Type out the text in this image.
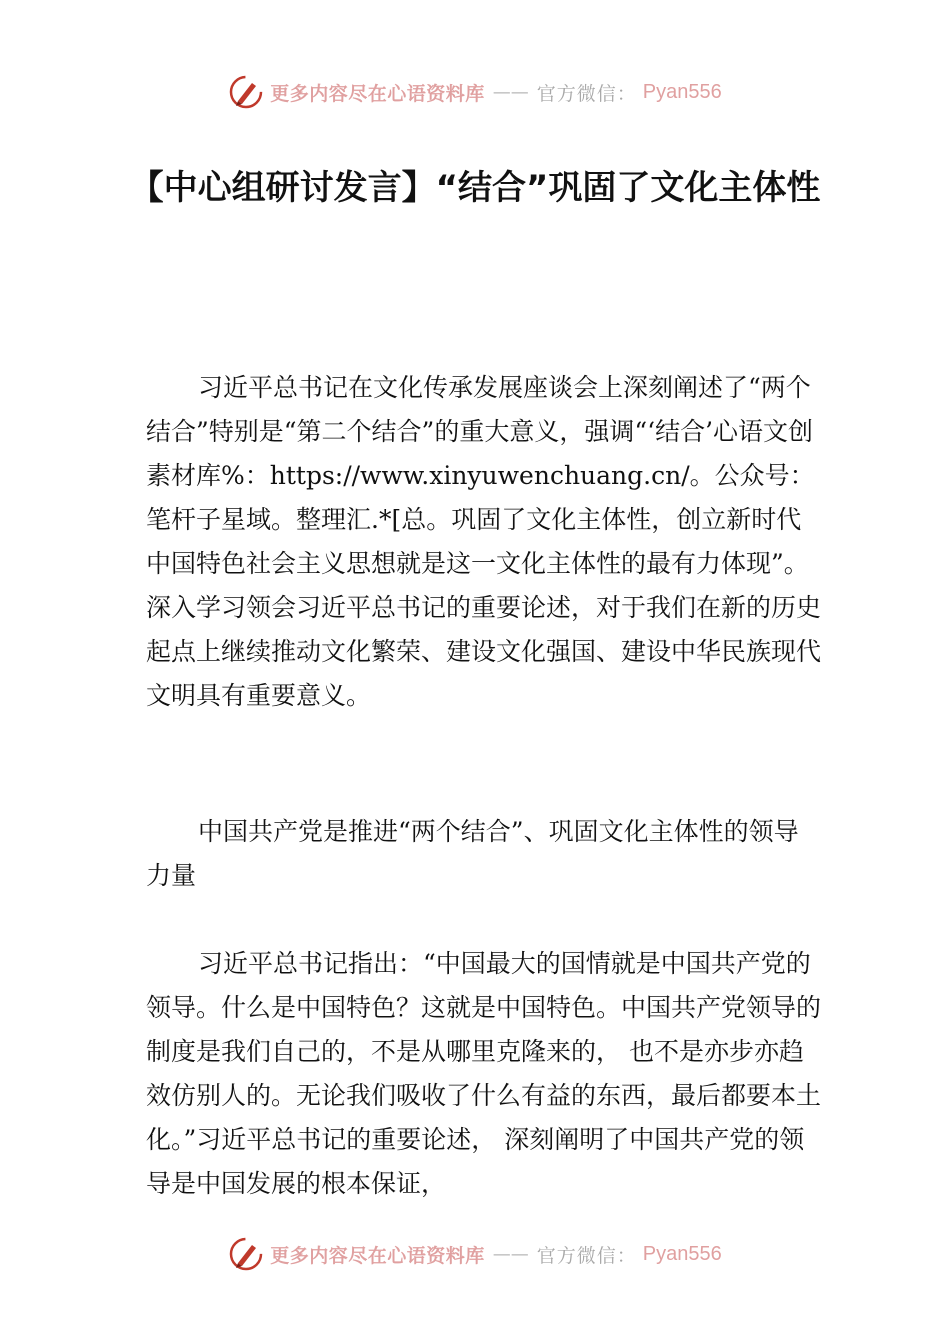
更多内容尽在心语资料库 —— 官方微信： Pyan556
【中心组研讨发言】“结合”巩固了文化主体性

习近平总书记在文化传承发展座谈会上深刻阐述了“两个结合”特别是“第二个结合”的重大意义，强调“‘结合’心语文创素材库%：https://www.xinyuwenchuang.cn/。公众号：笔杆子星域。整理汇.*[总。巩固了文化主体性，创立新时代中国特色社会主义思想就是这一文化主体性的最有力体现”。深入学习领会习近平总书记的重要论述，对于我们在新的历史起点上继续推动文化繁荣、建设文化强国、建设中华民族现代文明具有重要意义。

中国共产党是推进“两个结合”、巩固文化主体性的领导力量

习近平总书记指出：“中国最大的国情就是中国共产党的领导。什么是中国特色？这就是中国特色。中国共产党领导的制度是我们自己的，不是从哪里克隆来的， 也不是亦步亦趋效仿别人的。无论我们吸收了什么有益的东西，最后都要本土化。”习近平总书记的重要论述， 深刻阐明了中国共产党的领导是中国发展的根本保证，

更多内容尽在心语资料库 —— 官方微信： Pyan556
